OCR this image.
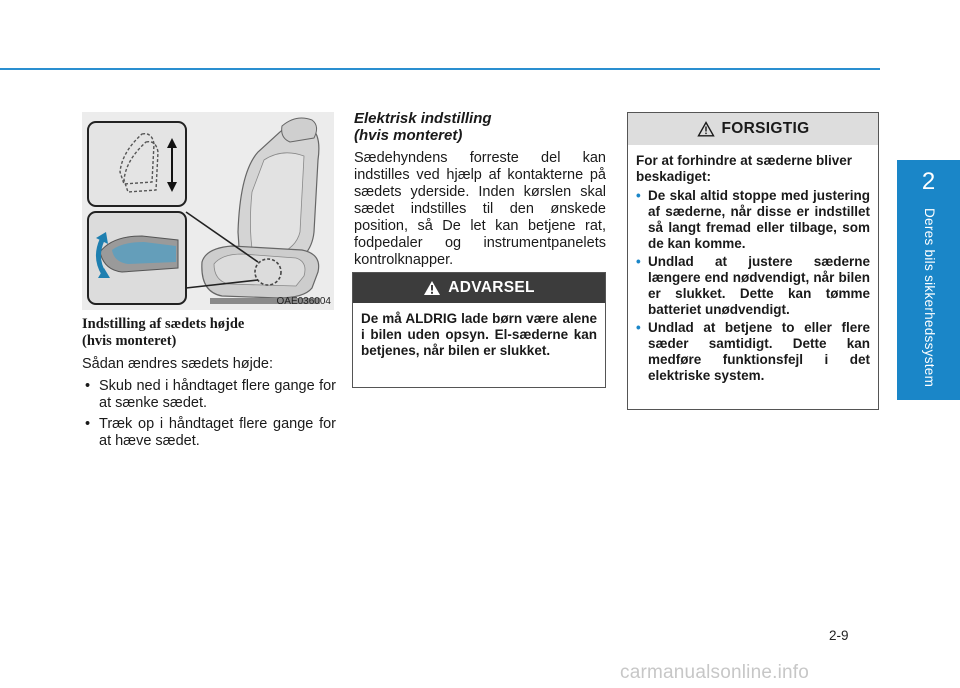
2
Deres bils sikkerhedssystem
OAE036004
Indstilling af sædets højde
(hvis monteret)

Sådan ændres sædets højde:

• Skub ned i håndtaget flere gange for at sænke sædet.
• Træk op i håndtaget flere gange for at hæve sædet.
Elektrisk indstilling
(hvis monteret)

Sædehyndens forreste del kan indstilles ved hjælp af kontakterne på sædets yderside. Inden kørslen skal sædet indstilles til den ønskede position, så De let kan betjene rat, fodpedaler og instrumentpanelets kontrolknapper.

ADVARSEL
De må ALDRIG lade børn være alene i bilen uden opsyn. El-sæderne kan betjenes, når bilen er slukket.
FORSIGTIG

For at forhindre at sæderne bliver beskadiget:

• De skal altid stoppe med justering af sæderne, når disse er indstillet så langt fremad eller tilbage, som de kan komme.
• Undlad at justere sæderne længere end nødvendigt, når bilen er slukket. Dette kan tømme batteriet unødvendigt.
• Undlad at betjene to eller flere sæder samtidigt. Dette kan medføre funktionsfejl i det elektriske system.
2-9
carmanualsonline.info
